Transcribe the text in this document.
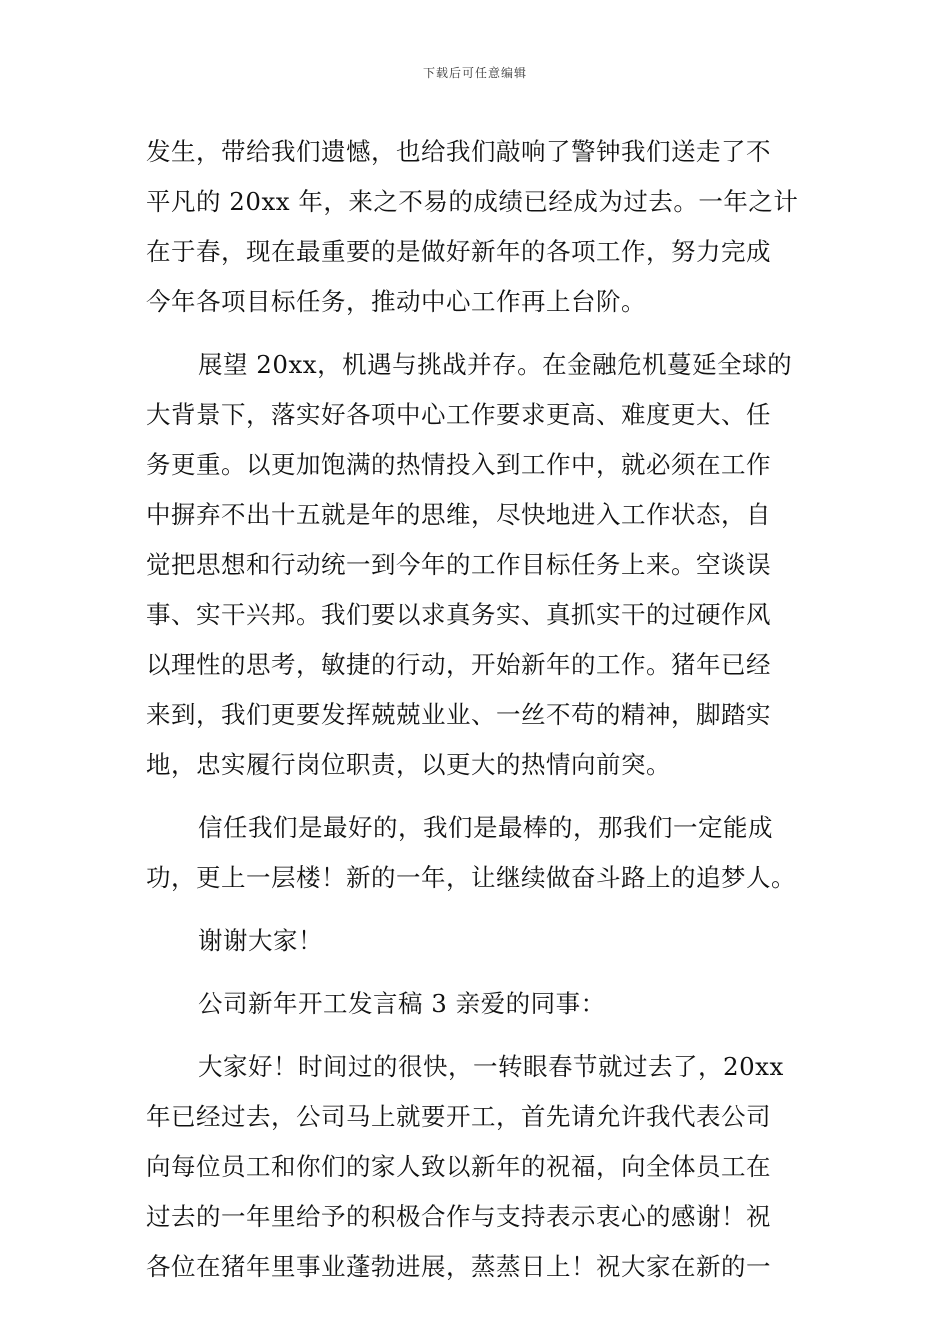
下载后可任意编辑
发生，带给我们遗憾，也给我们敲响了警钟我们送走了不
平凡的 20xx 年，来之不易的成绩已经成为过去。一年之计
在于春，现在最重要的是做好新年的各项工作，努力完成
今年各项目标任务，推动中心工作再上台阶。
展望 20xx，机遇与挑战并存。在金融危机蔓延全球的
大背景下，落实好各项中心工作要求更高、难度更大、任
务更重。以更加饱满的热情投入到工作中，就必须在工作
中摒弃不出十五就是年的思维，尽快地进入工作状态，自
觉把思想和行动统一到今年的工作目标任务上来。空谈误
事、实干兴邦。我们要以求真务实、真抓实干的过硬作风
以理性的思考，敏捷的行动，开始新年的工作。猪年已经
来到，我们更要发挥兢兢业业、一丝不苟的精神，脚踏实
地，忠实履行岗位职责，以更大的热情向前突。
信任我们是最好的，我们是最棒的，那我们一定能成
功，更上一层楼！新的一年，让继续做奋斗路上的追梦人。
谢谢大家！
公司新年开工发言稿 3 亲爱的同事：
大家好！时间过的很快，一转眼春节就过去了，20xx
年已经过去，公司马上就要开工，首先请允许我代表公司
向每位员工和你们的家人致以新年的祝福，向全体员工在
过去的一年里给予的积极合作与支持表示衷心的感谢！祝
各位在猪年里事业蓬勃进展，蒸蒸日上！祝大家在新的一
